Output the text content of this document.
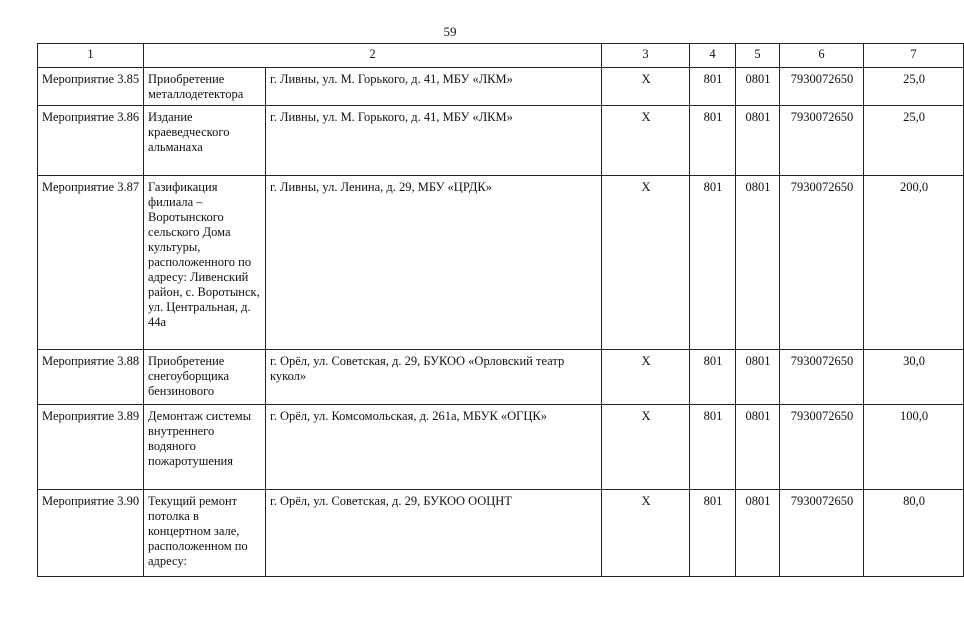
59
1	2		3	4	5	6	7
Мероприятие 3.85	Приобретение металлодетектора	г. Ливны, ул. М. Горького, д. 41, МБУ «ЛКМ»	X	801	0801	7930072650	25,0
Мероприятие 3.86	Издание краеведческого альманаха	г. Ливны, ул. М. Горького, д. 41, МБУ «ЛКМ»	X	801	0801	7930072650	25,0
Мероприятие 3.87	Газификация филиала – Воротынского сельского Дома культуры, расположенного по адресу: Ливенский район, с. Воротынск, ул. Центральная, д. 44а	г. Ливны, ул. Ленина, д. 29, МБУ «ЦРДК»	X	801	0801	7930072650	200,0
Мероприятие 3.88	Приобретение снегоуборщика бензинового	г. Орёл, ул. Советская, д. 29, БУКОО «Орловский театр кукол»	X	801	0801	7930072650	30,0
Мероприятие 3.89	Демонтаж системы внутреннего водяного пожаротушения	г. Орёл, ул. Комсомольская, д. 261а, МБУК «ОГЦК»	X	801	0801	7930072650	100,0
Мероприятие 3.90	Текущий ремонт потолка в концертном зале, расположенном по адресу:	г. Орёл, ул. Советская, д. 29, БУКОО ООЦНТ	X	801	0801	7930072650	80,0
